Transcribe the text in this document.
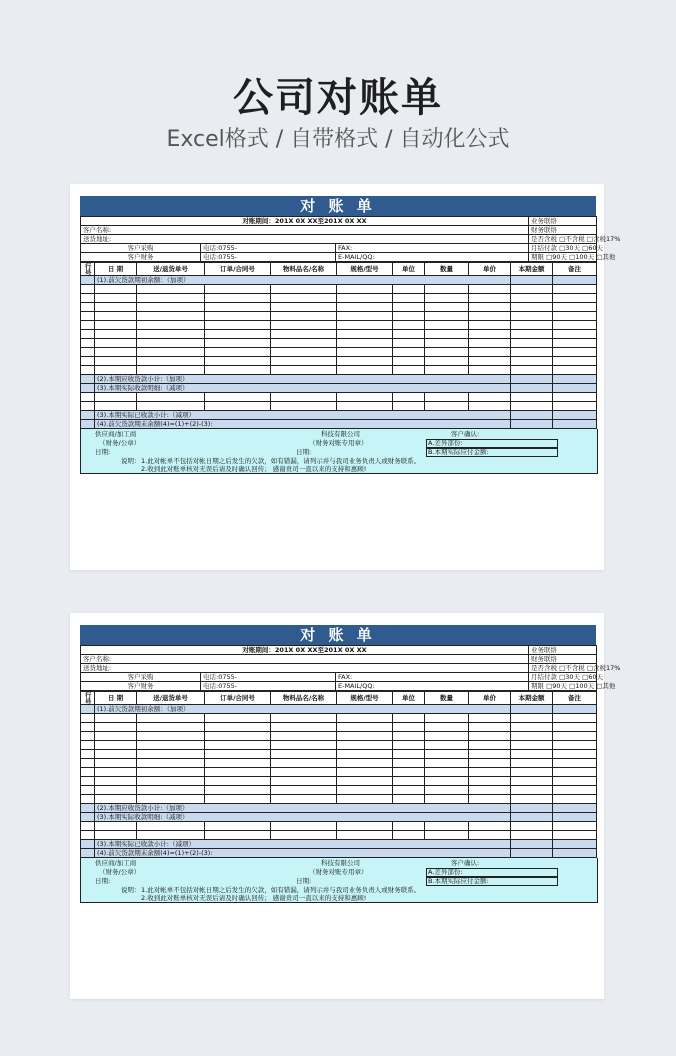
公司对账单
Excel格式 / 自带格式 / 自动化公式
对 账 单
对账期间：201X 0X XX至201X 0X XX			业务联络
客户名称:			财务联络
送货地址:			是否含税 □不含税 □含税17%
客户采购	电话:0755-	FAX:	月结付款 □30天 □60天
客户财务	电话:0755-	E-MAIL/QQ:	期限 □90天 □100天 □其他
行号	日 期	送/退货单号	订单/合同号	物料品名/名称	规格/型号	单位	数量	单价	本期金额	备注
	(1).前欠货款期初余额：（加项）									

	(2).本期应收货款小计:（加项）									
	(3).本期实际收款明细:（减项）									

	(3).本期实际已收款小计:（减项）									
	(4).前欠货款期末余额(4)=(1)+(2)-(3):									
供应商/加工商
（财务/公章）
日期:
科技有限公司
（财务对账专用章）
日期:
客户确认:
A.差异部份:
B.本期实际应付金额:
说明： 1.此对帐单不包括对帐日期之后发生的欠款，如有错漏，请列示并与我司业务负责人或财务联系。
2.收到此对账单核对无误后请及时确认回传； 感谢贵司一直以来的支持和惠顾!
对 账 单
对账期间：201X 0X XX至201X 0X XX			业务联络
客户名称:			财务联络
送货地址:			是否含税 □不含税 □含税17%
客户采购	电话:0755-	FAX:	月结付款 □30天 □60天
客户财务	电话:0755-	E-MAIL/QQ:	期限 □90天 □100天 □其他
行号	日 期	送/退货单号	订单/合同号	物料品名/名称	规格/型号	单位	数量	单价	本期金额	备注
	(1).前欠货款期初余额：（加项）									

	(2).本期应收货款小计:（加项）									
	(3).本期实际收款明细:（减项）									

	(3).本期实际已收款小计:（减项）									
	(4).前欠货款期末余额(4)=(1)+(2)-(3):									
供应商/加工商
（财务/公章）
日期:
科技有限公司
（财务对账专用章）
日期:
客户确认:
A.差异部份:
B.本期实际应付金额:
说明： 1.此对帐单不包括对帐日期之后发生的欠款，如有错漏，请列示并与我司业务负责人或财务联系。
2.收到此对账单核对无误后请及时确认回传； 感谢贵司一直以来的支持和惠顾!
